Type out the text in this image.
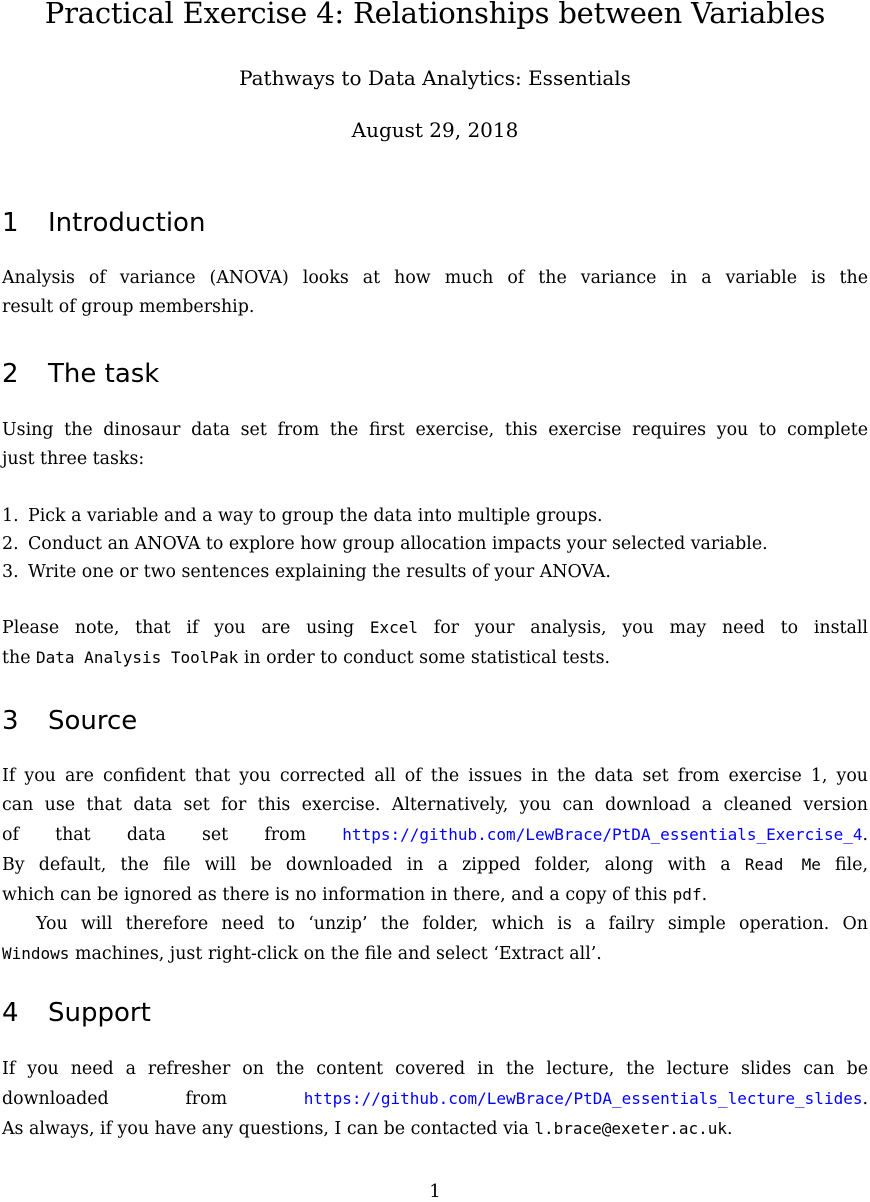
Practical Exercise 4: Relationships between Variables
Pathways to Data Analytics: Essentials
August 29, 2018
1 Introduction
Analysis of variance (ANOVA) looks at how much of the variance in a variable is the
result of group membership.
2 The task
Using the dinosaur data set from the first exercise, this exercise requires you to complete
just three tasks:
1. Pick a variable and a way to group the data into multiple groups.
2. Conduct an ANOVA to explore how group allocation impacts your selected variable.
3. Write one or two sentences explaining the results of your ANOVA.
Please note, that if you are using Excel for your analysis, you may need to install
the Data Analysis ToolPak in order to conduct some statistical tests.
3 Source
If you are confident that you corrected all of the issues in the data set from exercise 1, you
can use that data set for this exercise. Alternatively, you can download a cleaned version
of that data set from https://github.com/LewBrace/PtDA_essentials_Exercise_4.
By default, the file will be downloaded in a zipped folder, along with a Read Me file,
which can be ignored as there is no information in there, and a copy of this pdf.
You will therefore need to ‘unzip’ the folder, which is a failry simple operation. On
Windows machines, just right-click on the file and select ‘Extract all’.
4 Support
If you need a refresher on the content covered in the lecture, the lecture slides can be
downloaded from https://github.com/LewBrace/PtDA_essentials_lecture_slides.
As always, if you have any questions, I can be contacted via l.brace@exeter.ac.uk.
1
